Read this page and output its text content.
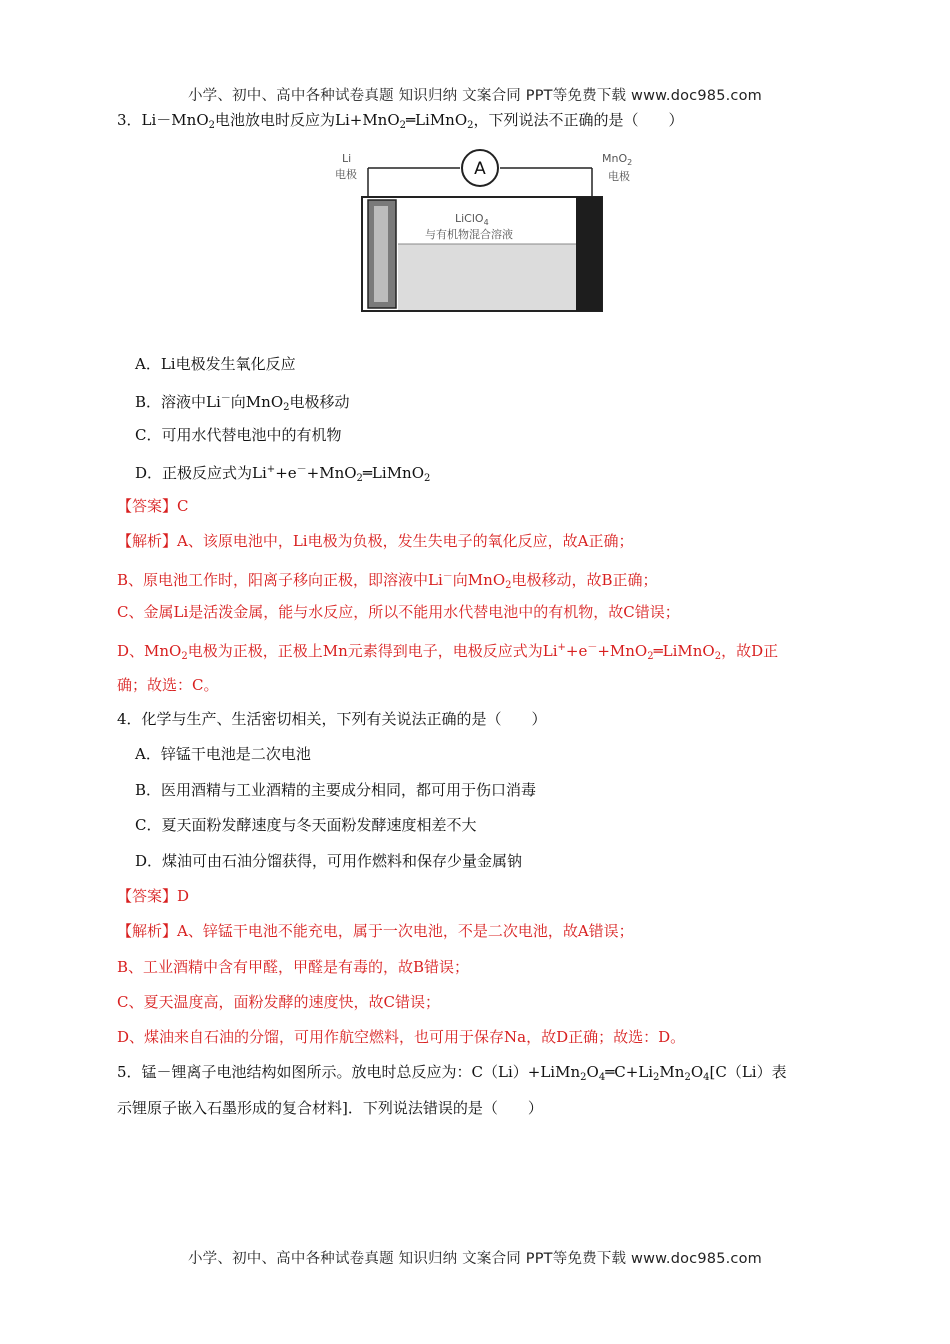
小学、初中、高中各种试卷真题 知识归纳 文案合同 PPT等免费下载 www.doc985.com
3．Li－MnO$_2$电池放电时反应为Li+MnO$_2$═LiMnO$_2$，下列说法不正确的是（　　）
A
Li
电极
MnO$_2$
电极
LiClO$_4$
与有机物混合溶液
A．Li电极发生氧化反应
B．溶液中Li－向MnO$_2$电极移动
C．可用水代替电池中的有机物
D．正极反应式为Li++e－+MnO$_2$═LiMnO$_2$
【答案】C
【解析】A、该原电池中，Li电极为负极，发生失电子的氧化反应，故A正确；
B、原电池工作时，阳离子移向正极，即溶液中Li－向MnO$_2$电极移动，故B正确；
C、金属Li是活泼金属，能与水反应，所以不能用水代替电池中的有机物，故C错误；
D、MnO$_2$电极为正极，正极上Mn元素得到电子，电极反应式为Li++e－+MnO$_2$═LiMnO$_2$，故D正
确；故选：C。
4．化学与生产、生活密切相关，下列有关说法正确的是（　　）
A．锌锰干电池是二次电池
B．医用酒精与工业酒精的主要成分相同，都可用于伤口消毒
C．夏天面粉发酵速度与冬天面粉发酵速度相差不大
D．煤油可由石油分馏获得，可用作燃料和保存少量金属钠
【答案】D
【解析】A、锌锰干电池不能充电，属于一次电池，不是二次电池，故A错误；
B、工业酒精中含有甲醛，甲醛是有毒的，故B错误；
C、夏天温度高，面粉发酵的速度快，故C错误；
D、煤油来自石油的分馏，可用作航空燃料，也可用于保存Na，故D正确；故选：D。
5．锰－锂离子电池结构如图所示。放电时总反应为：$C(Li)+LiMn_2O_4═C+Li_2Mn_2O_4[C(Li)$表
示锂原子嵌入石墨形成的复合材料]．下列说法错误的是（　　）
小学、初中、高中各种试卷真题 知识归纳 文案合同 PPT等免费下载 www.doc985.com
